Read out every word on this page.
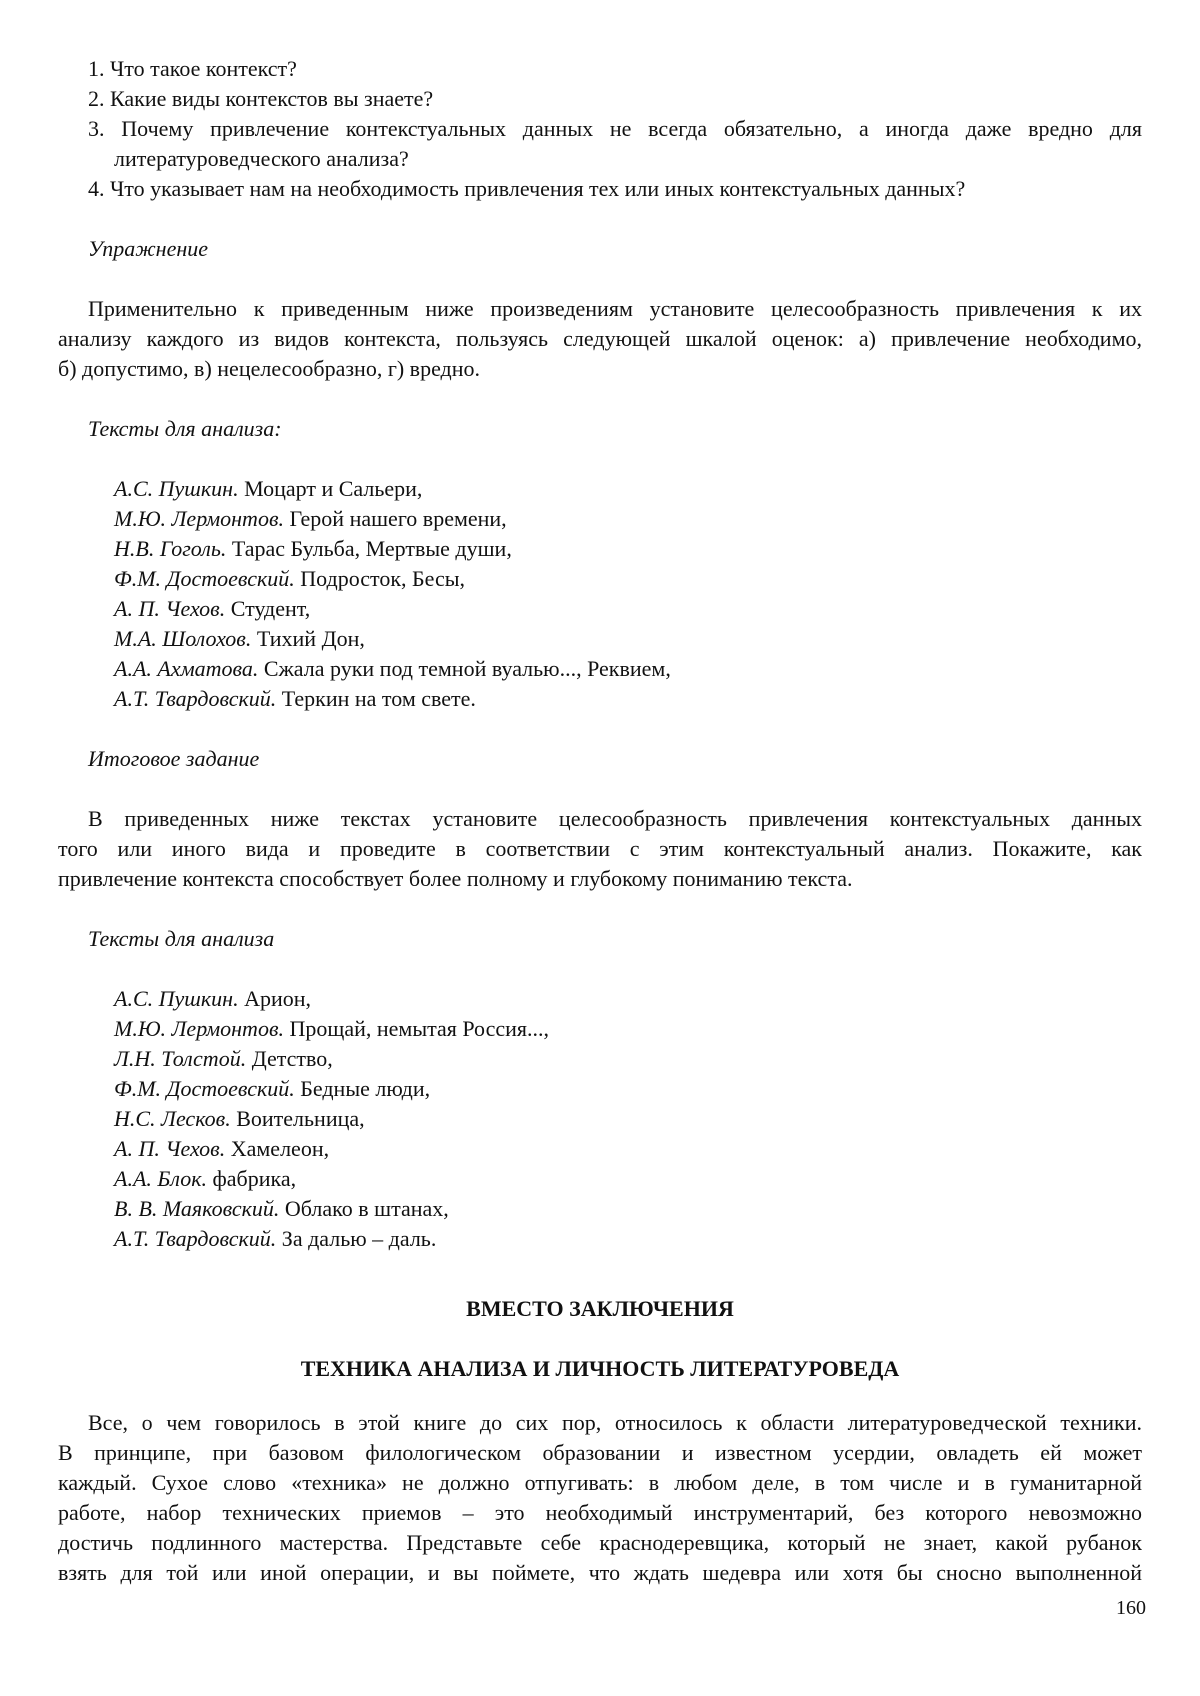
1. Что такое контекст?
2. Какие виды контекстов вы знаете?
3. Почему привлечение контекстуальных данных не всегда обязательно, а иногда даже вредно для
литературоведческого анализа?
4. Что указывает нам на необходимость привлечения тех или иных контекстуальных данных?
Упражнение
Применительно к приведенным ниже произведениям установите целесообразность привлечения к их
анализу каждого из видов контекста, пользуясь следующей шкалой оценок: а) привлечение необходимо,
б) допустимо, в) нецелесообразно, г) вредно.
Тексты для анализа:
А.С. Пушкин. Моцарт и Сальери,
М.Ю. Лермонтов. Герой нашего времени,
Н.В. Гоголь. Тарас Бульба, Мертвые души,
Ф.М. Достоевский. Подросток, Бесы,
А. П. Чехов. Студент,
М.А. Шолохов. Тихий Дон,
А.А. Ахматова. Сжала руки под темной вуалью..., Реквием,
А.Т. Твардовский. Теркин на том свете.
Итоговое задание
В приведенных ниже текстах установите целесообразность привлечения контекстуальных данных
того или иного вида и проведите в соответствии с этим контекстуальный анализ. Покажите, как
привлечение контекста способствует более полному и глубокому пониманию текста.
Тексты для анализа
А.С. Пушкин. Арион,
М.Ю. Лермонтов. Прощай, немытая Россия...,
Л.Н. Толстой. Детство,
Ф.М. Достоевский. Бедные люди,
Н.С. Лесков. Воительница,
А. П. Чехов. Хамелеон,
А.А. Блок. фабрика,
В. В. Маяковский. Облако в штанах,
А.Т. Твардовский. За далью – даль.
ВМЕСТО ЗАКЛЮЧЕНИЯ
ТЕХНИКА АНАЛИЗА И ЛИЧНОСТЬ ЛИТЕРАТУРОВЕДА
Все, о чем говорилось в этой книге до сих пор, относилось к области литературоведческой техники.
В принципе, при базовом филологическом образовании и известном усердии, овладеть ей может
каждый. Сухое слово «техника» не должно отпугивать: в любом деле, в том числе и в гуманитарной
работе, набор технических приемов – это необходимый инструментарий, без которого невозможно
достичь подлинного мастерства. Представьте себе краснодеревщика, который не знает, какой рубанок
взять для той или иной операции, и вы поймете, что ждать шедевра или хотя бы сносно выполненной
160
